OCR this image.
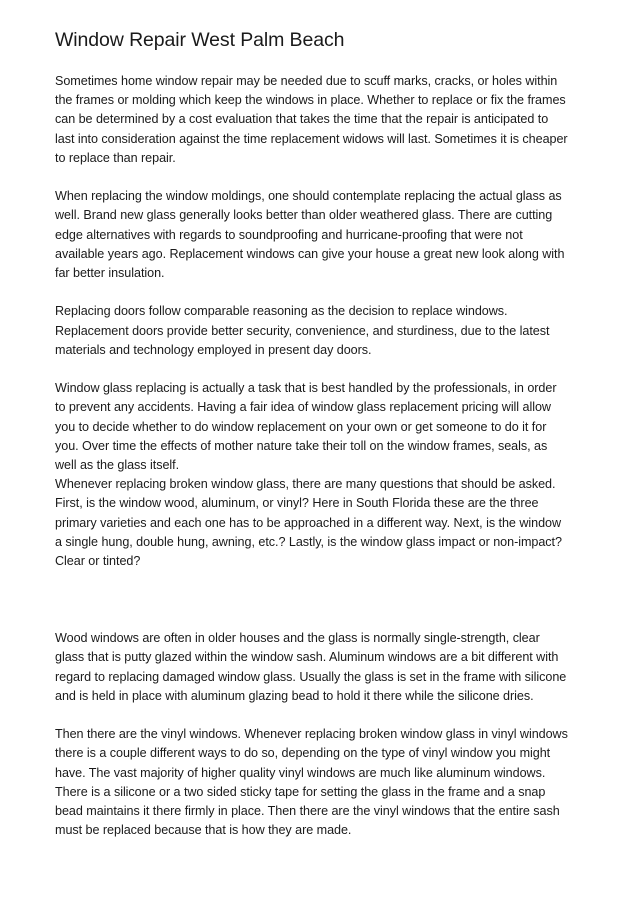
Window Repair West Palm Beach

Sometimes home window repair may be needed due to scuff marks, cracks, or holes within
the frames or molding which keep the windows in place. Whether to replace or fix the frames
can be determined by a cost evaluation that takes the time that the repair is anticipated to
last into consideration against the time replacement widows will last. Sometimes it is cheaper
to replace than repair.

When replacing the window moldings, one should contemplate replacing the actual glass as
well. Brand new glass generally looks better than older weathered glass. There are cutting
edge alternatives with regards to soundproofing and hurricane-proofing that were not
available years ago. Replacement windows can give your house a great new look along with
far better insulation.

Replacing doors follow comparable reasoning as the decision to replace windows.
Replacement doors provide better security, convenience, and sturdiness, due to the latest
materials and technology employed in present day doors.

Window glass replacing is actually a task that is best handled by the professionals, in order
to prevent any accidents. Having a fair idea of window glass replacement pricing will allow
you to decide whether to do window replacement on your own or get someone to do it for
you. Over time the effects of mother nature take their toll on the window frames, seals, as
well as the glass itself.
Whenever replacing broken window glass, there are many questions that should be asked.
First, is the window wood, aluminum, or vinyl? Here in South Florida these are the three
primary varieties and each one has to be approached in a different way. Next, is the window
a single hung, double hung, awning, etc.? Lastly, is the window glass impact or non-impact?
Clear or tinted?

Wood windows are often in older houses and the glass is normally single-strength, clear
glass that is putty glazed within the window sash. Aluminum windows are a bit different with
regard to replacing damaged window glass. Usually the glass is set in the frame with silicone
and is held in place with aluminum glazing bead to hold it there while the silicone dries.

Then there are the vinyl windows. Whenever replacing broken window glass in vinyl windows
there is a couple different ways to do so, depending on the type of vinyl window you might
have. The vast majority of higher quality vinyl windows are much like aluminum windows.
There is a silicone or a two sided sticky tape for setting the glass in the frame and a snap
bead maintains it there firmly in place. Then there are the vinyl windows that the entire sash
must be replaced because that is how they are made.
